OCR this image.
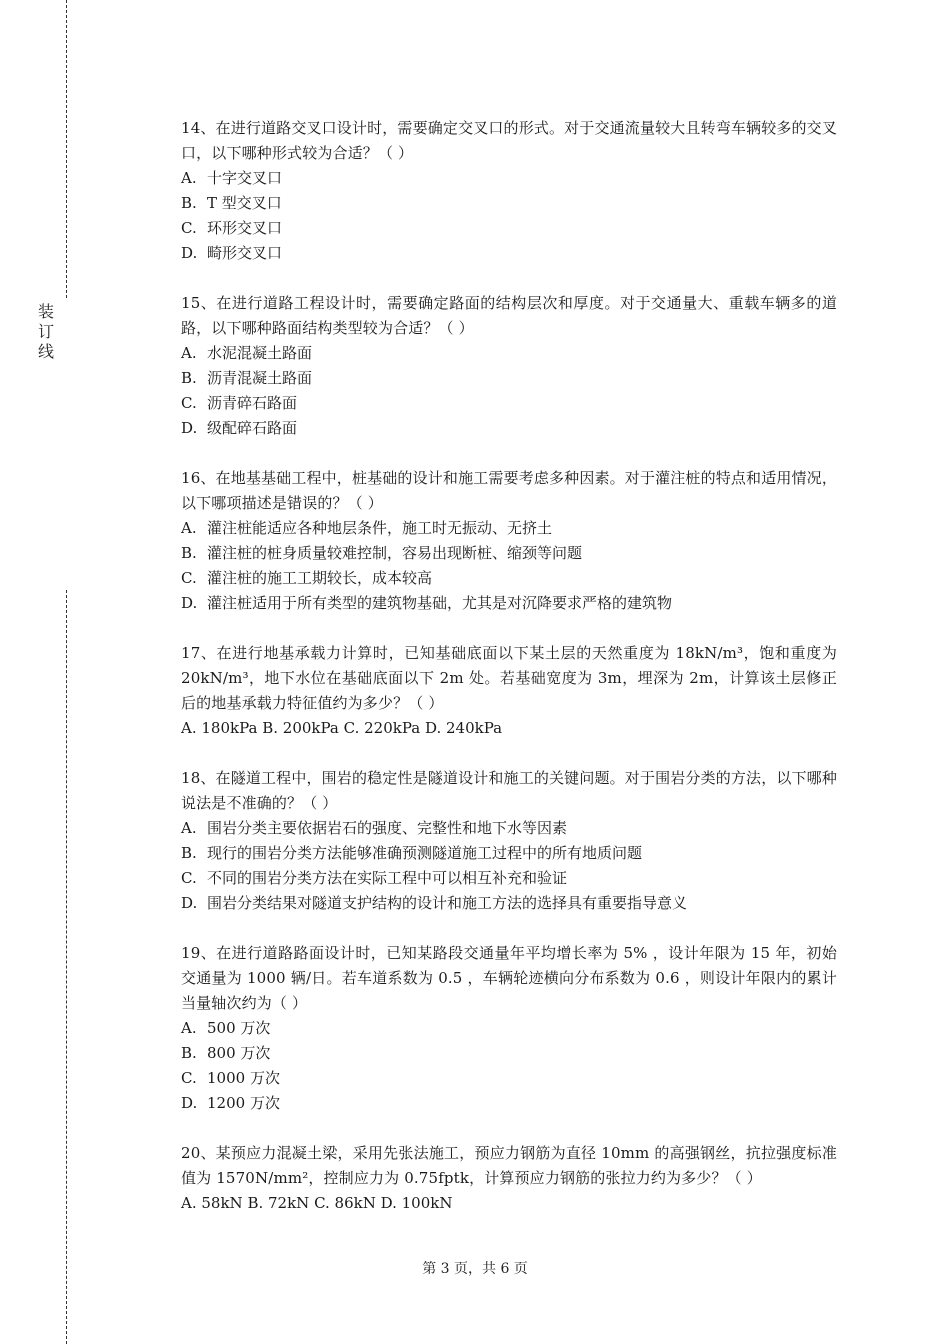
装
订
线

14、在进行道路交叉口设计时，需要确定交叉口的形式。对于交通流量较大且转弯车辆较多的交叉口，以下哪种形式较为合适？（ ）

A. 十字交叉口

B. T 型交叉口

C. 环形交叉口

D. 畸形交叉口

15、在进行道路工程设计时，需要确定路面的结构层次和厚度。对于交通量大、重载车辆多的道路，以下哪种路面结构类型较为合适？（ ）

A. 水泥混凝土路面

B. 沥青混凝土路面

C. 沥青碎石路面

D. 级配碎石路面

16、在地基基础工程中，桩基础的设计和施工需要考虑多种因素。对于灌注桩的特点和适用情况，以下哪项描述是错误的？（ ）

A. 灌注桩能适应各种地层条件，施工时无振动、无挤土

B. 灌注桩的桩身质量较难控制，容易出现断桩、缩颈等问题

C. 灌注桩的施工工期较长，成本较高

D. 灌注桩适用于所有类型的建筑物基础，尤其是对沉降要求严格的建筑物

17、在进行地基承载力计算时，已知基础底面以下某土层的天然重度为 18kN/m³，饱和重度为 20kN/m³，地下水位在基础底面以下 2m 处。若基础宽度为 3m，埋深为 2m，计算该土层修正后的地基承载力特征值约为多少？（ ）

A. 180kPa B. 200kPa C. 220kPa D. 240kPa

18、在隧道工程中，围岩的稳定性是隧道设计和施工的关键问题。对于围岩分类的方法，以下哪种说法是不准确的？（ ）

A. 围岩分类主要依据岩石的强度、完整性和地下水等因素

B. 现行的围岩分类方法能够准确预测隧道施工过程中的所有地质问题

C. 不同的围岩分类方法在实际工程中可以相互补充和验证

D. 围岩分类结果对隧道支护结构的设计和施工方法的选择具有重要指导意义

19、在进行道路路面设计时，已知某路段交通量年平均增长率为 5% ，设计年限为 15 年，初始交通量为 1000 辆/日。若车道系数为 0.5 ，车辆轮迹横向分布系数为 0.6 ，则设计年限内的累计当量轴次约为（ ）

A. 500 万次

B. 800 万次

C. 1000 万次

D. 1200 万次

20、某预应力混凝土梁，采用先张法施工，预应力钢筋为直径 10mm 的高强钢丝，抗拉强度标准值为 1570N/mm²，控制应力为 0.75fptk，计算预应力钢筋的张拉力约为多少？（ ）

A. 58kN B. 72kN C. 86kN D. 100kN

第 3 页，共 6 页
